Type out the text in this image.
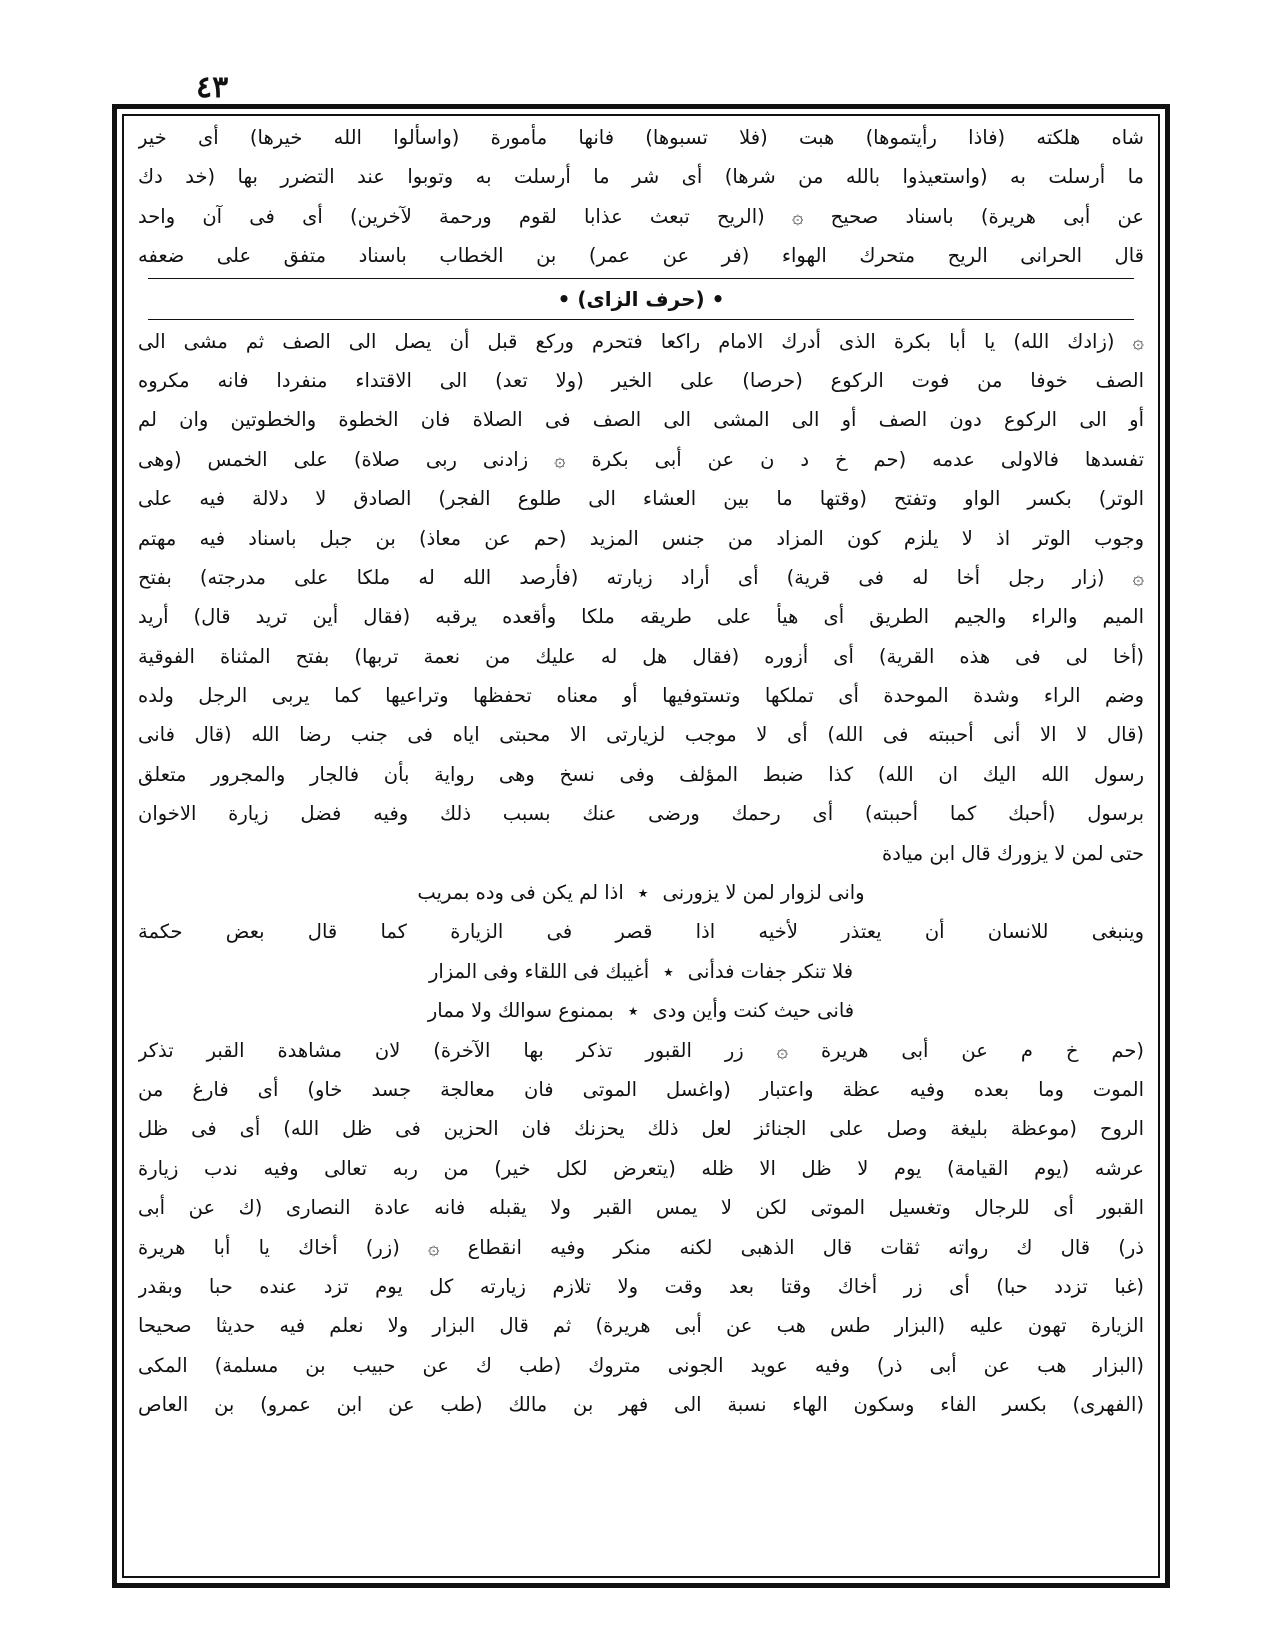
٤٣
شاه هلكته (فاذا رأيتموها) هبت (فلا تسبوها) فانها مأمورة (واسألوا الله خيرها) أى خير
ما أرسلت به (واستعيذوا بالله من شرها) أى شر ما أرسلت به وتوبوا عند التضرر بها (خد دك
عن أبى هريرة) باسناد صحيح ۞ (الريح تبعث عذابا لقوم ورحمة لآخرين) أى فى آن واحد
قال الحرانى الريح متحرك الهواء (فر عن عمر) بن الخطاب باسناد متفق على ضعفه
• (حرف الزاى) •
۞ (زادك الله) يا أبا بكرة الذى أدرك الامام راكعا فتحرم وركع قبل أن يصل الى الصف ثم مشى الى
الصف خوفا من فوت الركوع (حرصا) على الخير (ولا تعد) الى الاقتداء منفردا فانه مكروه
أو الى الركوع دون الصف أو الى المشى الى الصف فى الصلاة فان الخطوة والخطوتين وان لم
تفسدها فالاولى عدمه (حم خ د ن عن أبى بكرة ۞ زادنى ربى صلاة) على الخمس (وهى
الوتر) بكسر الواو وتفتح (وقتها ما بين العشاء الى طلوع الفجر) الصادق لا دلالة فيه على
وجوب الوتر اذ لا يلزم كون المزاد من جنس المزيد (حم عن معاذ) بن جبل باسناد فيه مهتم
۞ (زار رجل أخا له فى قرية) أى أراد زيارته (فأرصد الله له ملكا على مدرجته) بفتح
الميم والراء والجيم الطريق أى هيأ على طريقه ملكا وأقعده يرقبه (فقال أين تريد قال) أريد
(أخا لى فى هذه القرية) أى أزوره (فقال هل له عليك من نعمة تربها) بفتح المثناة الفوقية
وضم الراء وشدة الموحدة أى تملكها وتستوفيها أو معناه تحفظها وتراعيها كما يربى الرجل ولده
(قال لا الا أنى أحببته فى الله) أى لا موجب لزيارتى الا محبتى اياه فى جنب رضا الله (قال فانى
رسول الله اليك ان الله) كذا ضبط المؤلف وفى نسخ وهى رواية بأن فالجار والمجرور متعلق
برسول (أحبك كما أحببته) أى رحمك ورضى عنك بسبب ذلك وفيه فضل زيارة الاخوان
حتى لمن لا يزورك قال ابن ميادة
وانى لزوار لمن لا يزورنى٭اذا لم يكن فى وده بمريب
وينبغى للانسان أن يعتذر لأخيه اذا قصر فى الزيارة كما قال بعض حكمة
فلا تنكر جفات فدأنى٭أغيبك فى اللقاء وفى المزار
فانى حيث كنت وأين ودى٭بممنوع سوالك ولا ممار
(حم خ م عن أبى هريرة ۞ زر القبور تذكر بها الآخرة) لان مشاهدة القبر تذكر
الموت وما بعده وفيه عظة واعتبار (واغسل الموتى فان معالجة جسد خاو) أى فارغ من
الروح (موعظة بليغة وصل على الجنائز لعل ذلك يحزنك فان الحزين فى ظل الله) أى فى ظل
عرشه (يوم القيامة) يوم لا ظل الا ظله (يتعرض لكل خير) من ربه تعالى وفيه ندب زيارة
القبور أى للرجال وتغسيل الموتى لكن لا يمس القبر ولا يقبله فانه عادة النصارى (ك عن أبى
ذر) قال ك رواته ثقات قال الذهبى لكنه منكر وفيه انقطاع ۞ (زر) أخاك يا أبا هريرة
(غبا تزدد حبا) أى زر أخاك وقتا بعد وقت ولا تلازم زيارته كل يوم تزد عنده حبا وبقدر
الزيارة تهون عليه (البزار طس هب عن أبى هريرة) ثم قال البزار ولا نعلم فيه حديثا صحيحا
(البزار هب عن أبى ذر) وفيه عويد الجونى متروك (طب ك عن حبيب بن مسلمة) المكى
(الفهرى) بكسر الفاء وسكون الهاء نسبة الى فهر بن مالك (طب عن ابن عمرو) بن العاص
